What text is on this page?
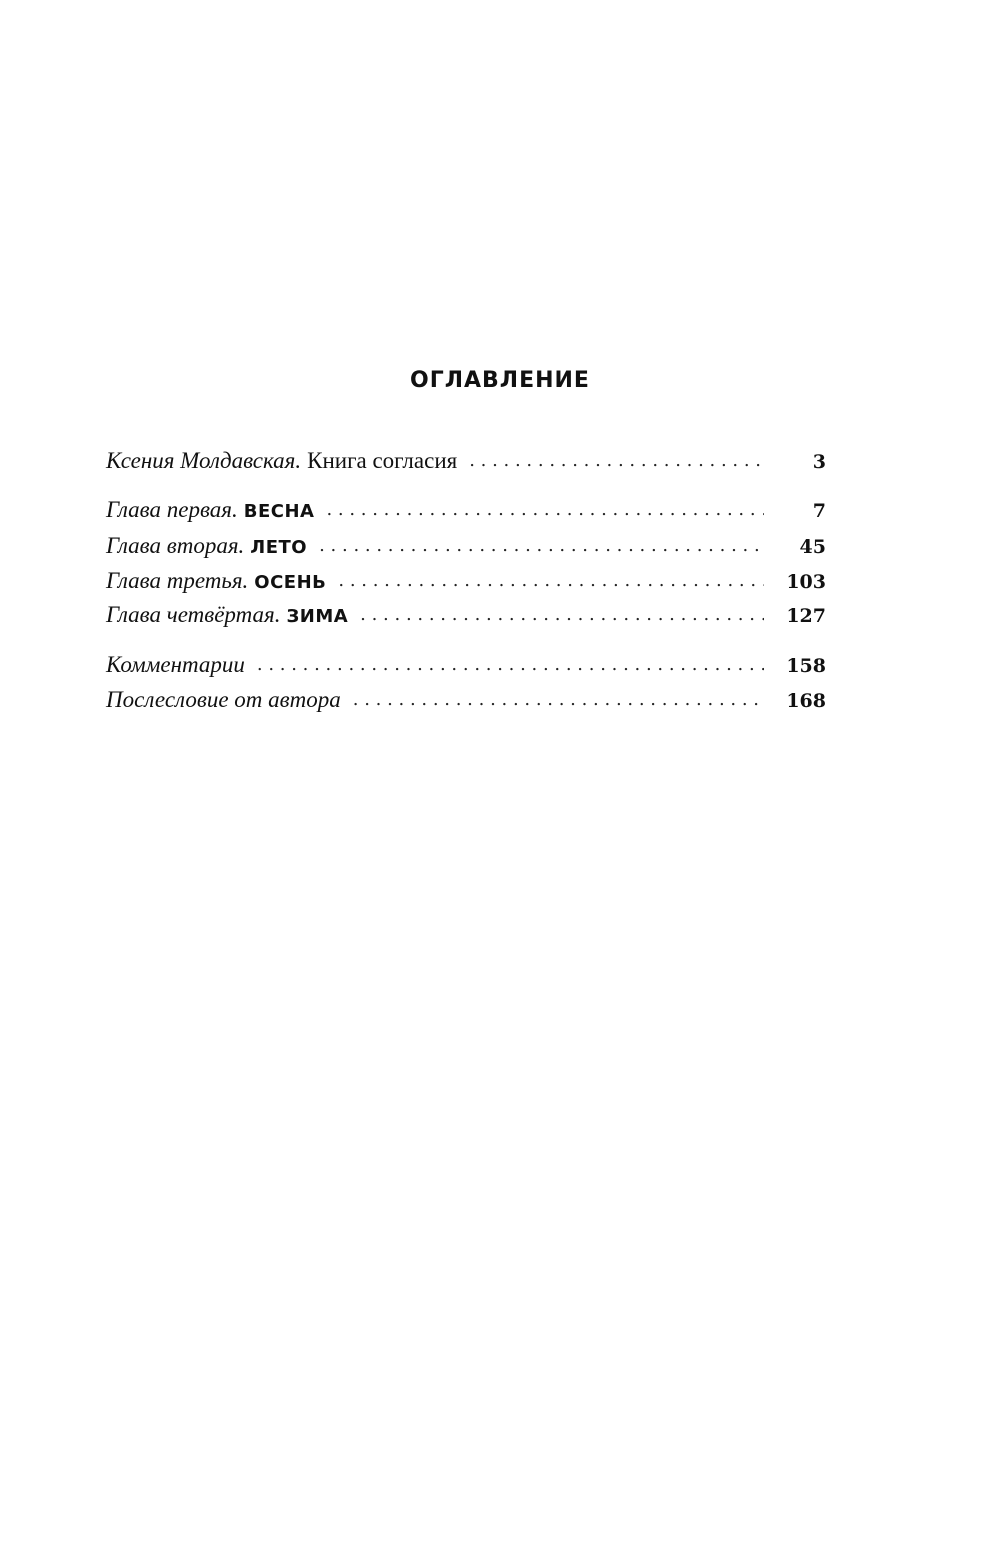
ОГЛАВЛЕНИЕ
Ксения Молдавская. Книга согласия . . .	3
Глава первая. ВЕСНА . . .	7
Глава вторая. ЛЕТО . . .	45
Глава третья. ОСЕНЬ . . .	103
Глава четвёртая. ЗИМА . . .	127
Комментарии . . .	158
Послесловие от автора . . .	168
